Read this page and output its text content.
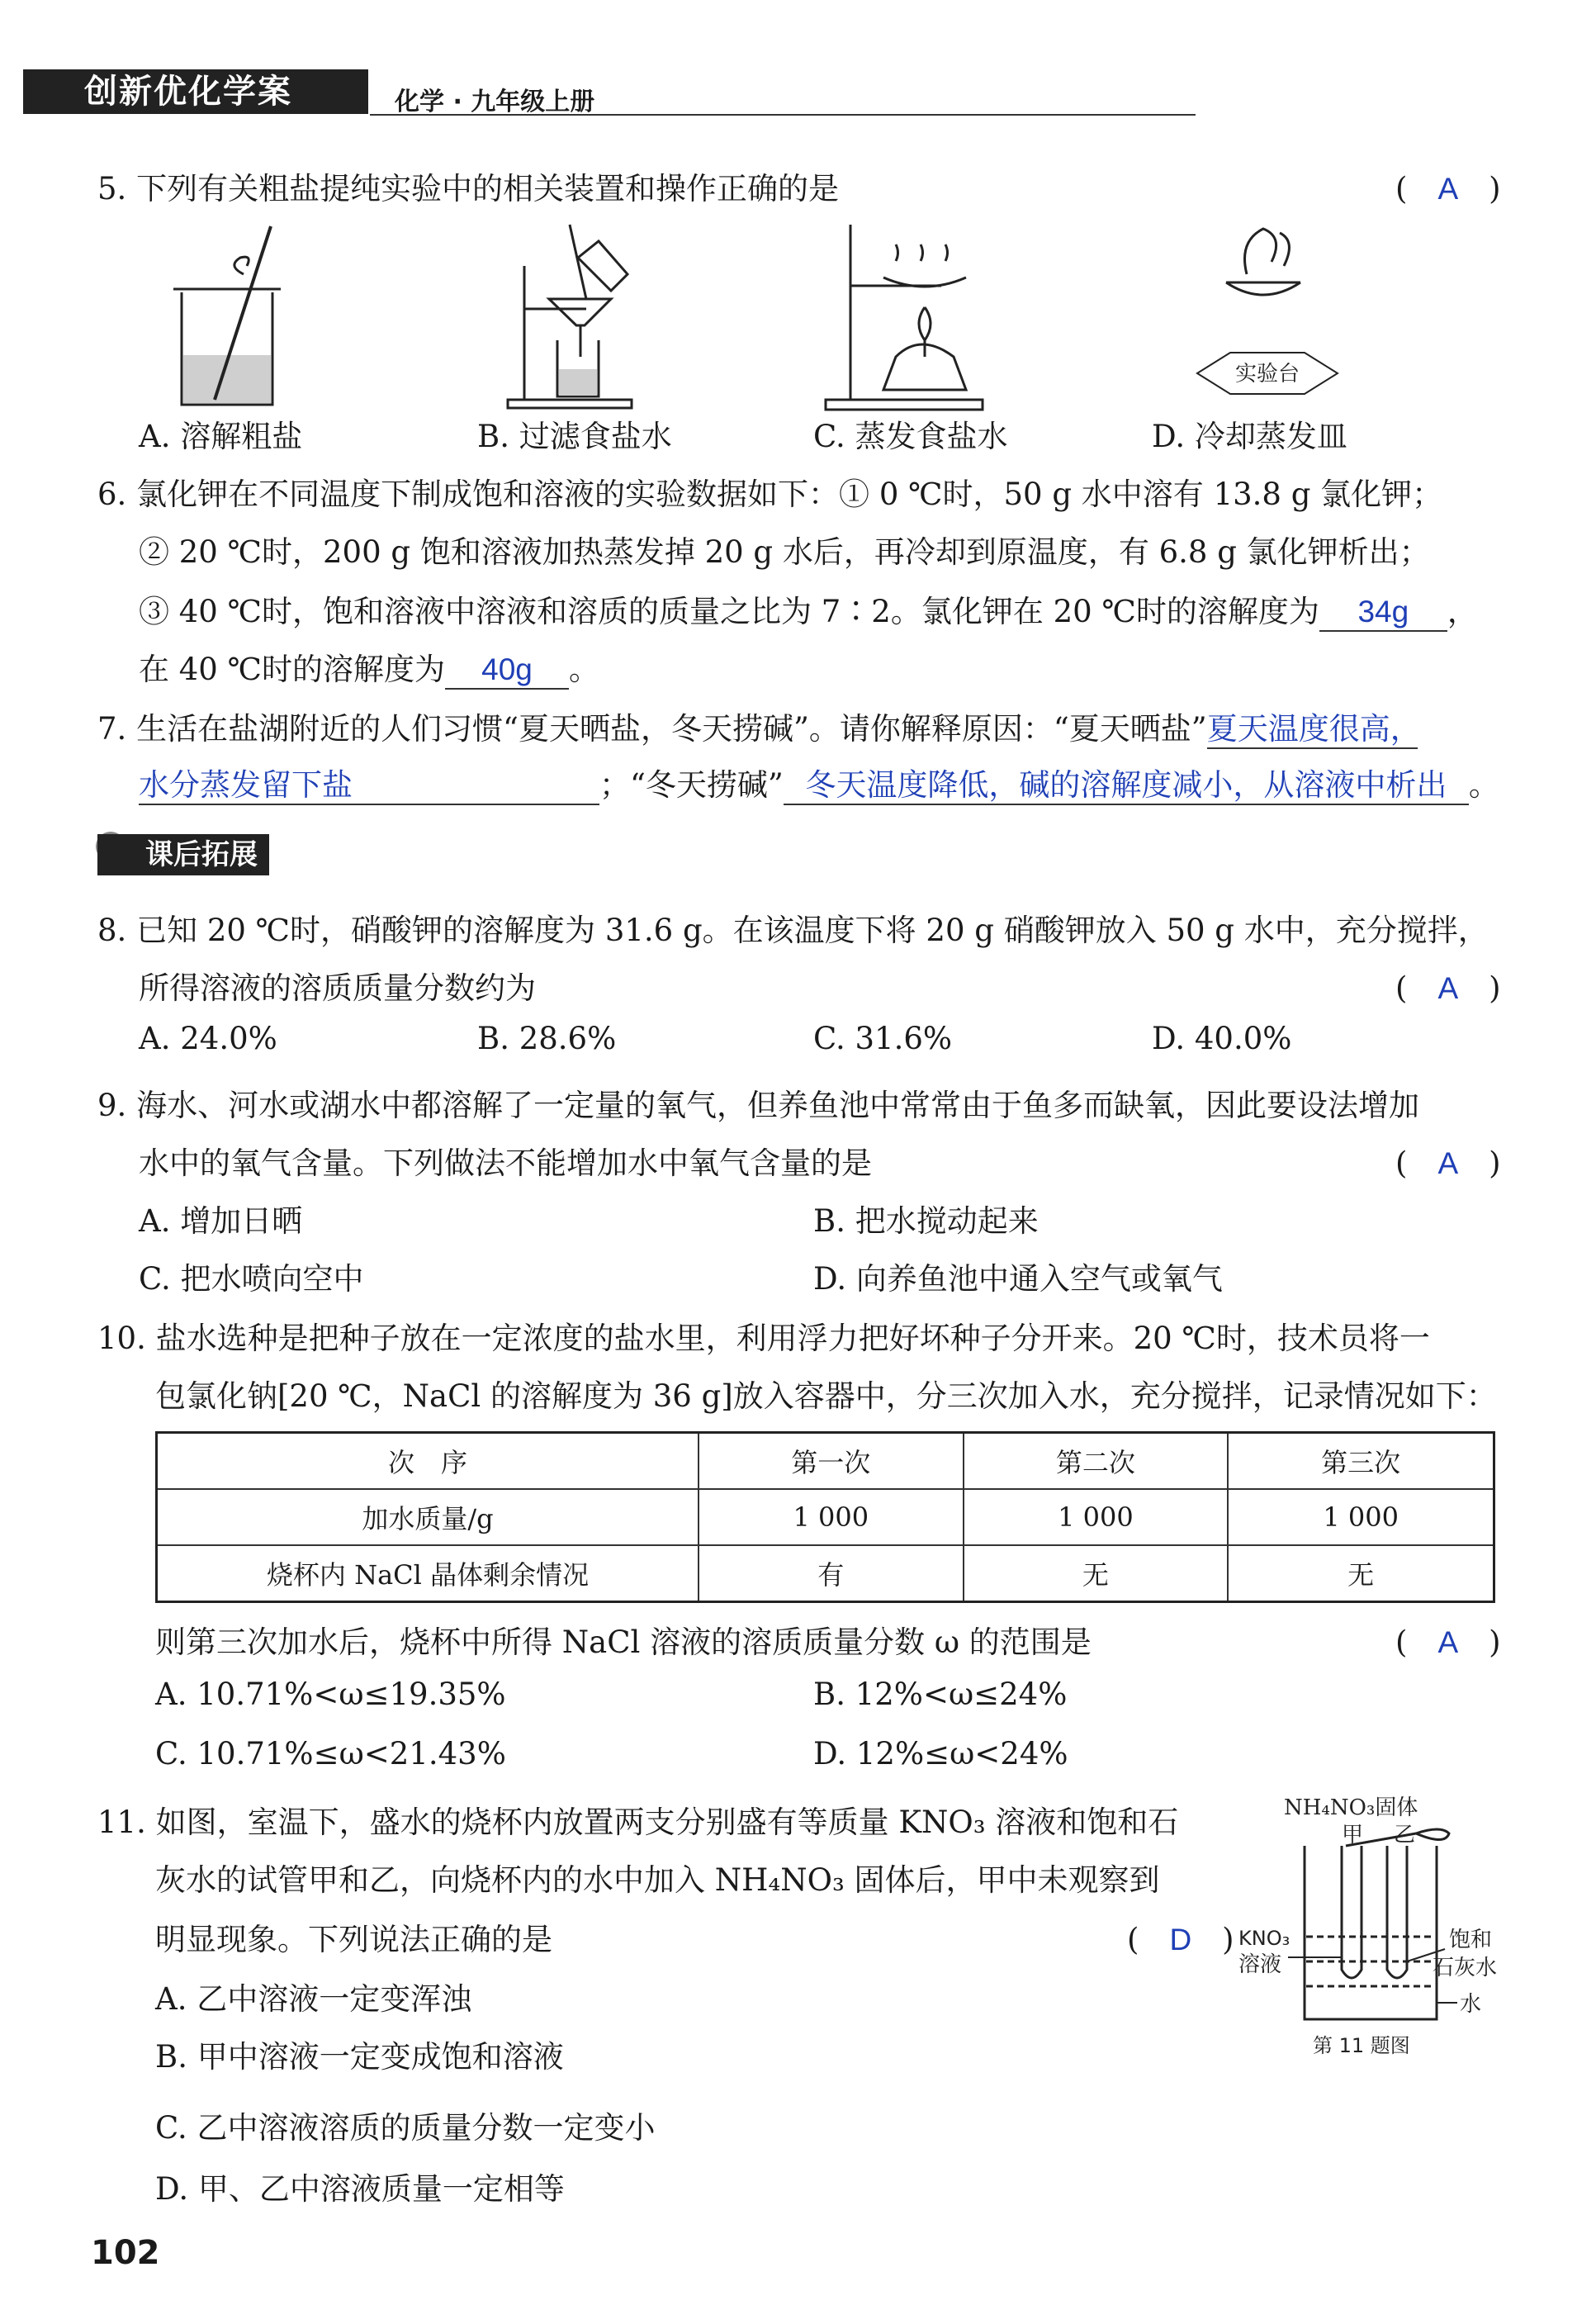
创新优化学案	化学 · 九年级上册
5. 下列有关粗盐提纯实验中的相关装置和操作正确的是	(　A　)
实验台
A. 溶解粗盐	B. 过滤食盐水	C. 蒸发食盐水	D. 冷却蒸发皿
6. 氯化钾在不同温度下制成饱和溶液的实验数据如下：① 0 ℃时，50 g 水中溶有 13.8 g 氯化钾；
② 20 ℃时，200 g 饱和溶液加热蒸发掉 20 g 水后，再冷却到原温度，有 6.8 g 氯化钾析出；
③ 40 ℃时，饱和溶液中溶液和溶质的质量之比为 7∶2。氯化钾在 20 ℃时的溶解度为 34g ，
在 40 ℃时的溶解度为 40g 。
7. 生活在盐湖附近的人们习惯“夏天晒盐，冬天捞碱”。请你解释原因：“夏天晒盐”夏天温度很高，
水分蒸发留下盐	；“冬天捞碱” 冬天温度降低，碱的溶解度减小，从溶液中析出 。
课后拓展
8. 已知 20 ℃时，硝酸钾的溶解度为 31.6 g。在该温度下将 20 g 硝酸钾放入 50 g 水中，充分搅拌，
所得溶液的溶质质量分数约为	(　A　)
A. 24.0%	B. 28.6%	C. 31.6%	D. 40.0%
9. 海水、河水或湖水中都溶解了一定量的氧气，但养鱼池中常常由于鱼多而缺氧，因此要设法增加
水中的氧气含量。下列做法不能增加水中氧气含量的是	(　A　)
A. 增加日晒	B. 把水搅动起来
C. 把水喷向空中	D. 向养鱼池中通入空气或氧气
10. 盐水选种是把种子放在一定浓度的盐水里，利用浮力把好坏种子分开来。20 ℃时，技术员将一
包氯化钠[20 ℃，NaCl 的溶解度为 36 g]放入容器中，分三次加入水，充分搅拌，记录情况如下：
次　序	第一次	第二次	第三次
加水质量/g	1 000	1 000	1 000
烧杯内 NaCl 晶体剩余情况	有	无	无
则第三次加水后，烧杯中所得 NaCl 溶液的溶质质量分数 ω 的范围是	(　A　)
A. 10.71%<ω≤19.35%	B. 12%<ω≤24%
C. 10.71%≤ω<21.43%	D. 12%≤ω<24%
11. 如图，室温下，盛水的烧杯内放置两支分别盛有等质量 KNO₃ 溶液和饱和石
灰水的试管甲和乙，向烧杯内的水中加入 NH₄NO₃ 固体后，甲中未观察到
明显现象。下列说法正确的是	(　D　)
A. 乙中溶液一定变浑浊
B. 甲中溶液一定变成饱和溶液
C. 乙中溶液溶质的质量分数一定变小
D. 甲、乙中溶液质量一定相等
NH₄NO₃固体
甲 乙
KNO₃
溶液
饱和
石灰水
水
第 11 题图
102
